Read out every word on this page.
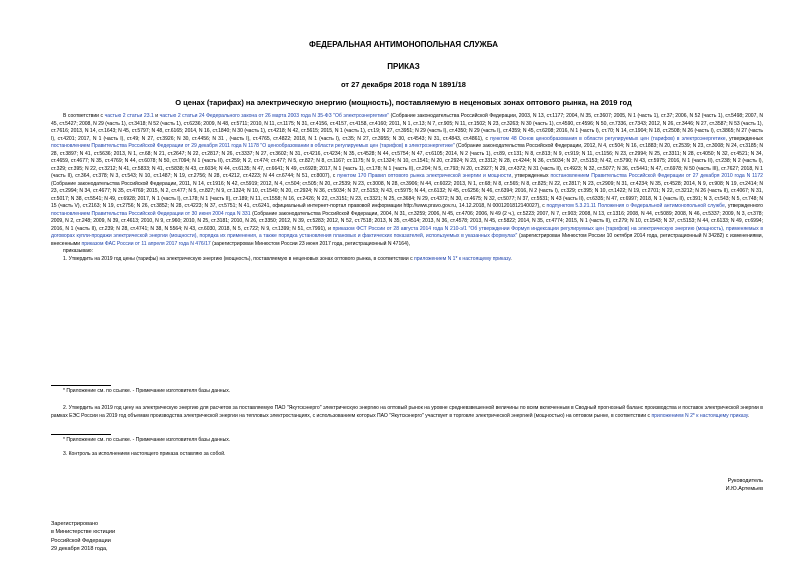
ФЕДЕРАЛЬНАЯ АНТИМОНОПОЛЬНАЯ СЛУЖБА
ПРИКАЗ
от 27 декабря 2018 года N 1891/18
О ценах (тарифах) на электрическую энергию (мощность), поставляемую в неценовых зонах оптового рынка, на 2019 год

В соответствии с частью 2 статьи 23.1 и частью 2 статьи 24 Федерального закона от 26 марта 2003 года N 35-ФЗ "Об электроэнергетике" (Собрание законодательства Российской Федерации, 2003, N 13, ст.1177; 2004, N 35, ст.3607; 2005, N 1 (часть 1), ст.37; 2006, N 52 (часть 1), ст.5498; 2007, N 45, ст.5427; 2008, N 29 (часть 1), ст.3418; N 52 (часть 1), ст.6236; 2009, N 48, ст.5711; 2010, N 11, ст.1175; N 31, ст.4156, ст.4157, ст.4158, ст.4160; 2011, N 1, ст.13; N 7, ст.905; N 11, ст.1502; N 23, ст.3263; N 30 (часть 1), ст.4590, ст.4596; N 50, ст.7336, ст.7343; 2012, N 26, ст.3446; N 27, ст.3587; N 53 (часть 1), ст.7616; 2013, N 14, ст.1643; N 45, ст.5797; N 48, ст.6165; 2014, N 16, ст.1840; N 30 (часть 1), ст.4218; N 42, ст.5615; 2015, N 1 (часть 1), ст.19; N 27, ст.3951; N 29 (часть I), ст.4350; N 29 (часть I), ст.4359; N 45, ст.6208; 2016, N 1 (часть I), ст.70; N 14, ст.1904; N 18, ст.2508; N 26 (часть I), ст.3865; N 27 (часть I), ст.4201; 2017, N 1 (часть I), ст.49; N 27, ст.3926; N 30, ст.4456; N 31 , (часть I), ст.4765, ст.4822; 2018, N 1 (часть I), ст.35; N 27, ст.3955; N 30, ст.4543; N 31, ст.4843, ст.4861), с пунктом 48 Основ ценообразования в области регулируемых цен (тарифов) в электроэнергетике, утвержденных постановлением Правительства Российской Федерации от 29 декабря 2011 года N 1178 "О ценообразовании в области регулируемых цен (тарифов) в электроэнергетике" (Собрание законодательства Российской Федерации, 2012, N 4, ст.504; N 16, ст.1883; N 20, ст.2539; N 23, ст.3008; N 24, ст.3185; N 28, ст.3897; N 41, ст.5636; 2013, N 1, ст.68; N 21, ст.2647; N 22, ст.2817; N 26, ст.3337; N 27, ст.3602; N 31, ст.4216, ст.4234; N 35, ст.4528; N 44, ст.5754; N 47, ст.6105; 2014, N 2 (часть 1), ст.89, ст.131; N 8, ст.813; N 9, ст.919; N 11, ст.1156; N 23, ст.2994; N 25, ст.3311; N 28, ст.4050; N 32, ст.4521; N 34, ст.4659, ст.4677; N 35, ст.4769; N 44, ст.6078; N 50, ст.7094; N 1 (часть II), ст.259; N 2, ст.474; ст.477; N 5, ст.827; N 8, ст.1167; ст.1175; N 9, ст.1324; N 10, ст.1541; N 20, ст.2924; N 23, ст.3312; N 28, ст.4244; N 36, ст.5034; N 37, ст.5153; N 42, ст.5790; N 43, ст.5975; 2016, N 1 (часть II), ст.238; N 2 (часть I), ст.329; ст.395; N 22, ст.3212; N 41, ст.5833; N 41, ст.5838; N 43, ст.6034; N 44, ст.6135; N 47, ст.6641; N 49, ст.6928; 2017, N 1 (часть 1), ст.178; N 1 (часть II), ст.204; N 5, ст.793; N 20, ст.2927; N 29, ст.4372; N 31 (часть II), ст.4923; N 32, ст.5077; N 36, ст.5441; N 47, ст.6978; N 50 (часть III), ст.7627; 2018, N 1 (часть II), ст.364, ст.378; N 3, ст.543; N 10, ст.1487; N 19, ст.2756; N 28, ст.4212, ст.4223; N 44 ст.6744; N 51, ст.8007), с пунктом 170 Правил оптового рынка электрической энергии и мощности, утвержденных постановлением Правительства Российской Федерации от 27 декабря 2010 года N 1172 (Собрание законодательства Российской Федерации, 2011, N 14, ст.1916; N 42, ст.5919; 2012, N 4, ст.504; ст.505; N 20, ст.2539; N 23, ст.3008, N 28, ст.3906; N 44, ст.6022; 2013, N 1, ст.68; N 8, ст.565; N 8, ст.825; N 22, ст.2817; N 23, ст.2909; N 31, ст.4234; N 35, ст.4528; 2014, N 9, ст.908; N 19, ст.2414; N 23, ст.2994; N 34, ст.4677; N 35, ст.4769; 2015, N 2, ст.477; N 5, ст.827; N 9, ст.1324; N 10, ст.1540; N 20, ст.2924; N 36, ст.5034; N 37, ст.5153; N 43, ст.5975; N 44, ст.6132; N 45, ст.6256; N 46, ст.6394; 2016, N 2 (часть I), ст.329; ст.395; N 10, ст.1422; N 19, ст.2701; N 22, ст.3212; N 26 (часть II), ст.4067; N 31, ст.5017; N 38, ст.5541; N 49, ст.6928; 2017, N 1 (часть I), ст.178; N 1 (часть II), ст.189; N 11, ст.1558; N 16, ст.2426; N 22, ст.3151; N 23, ст.3321; N 25, ст.3684; N 29, ст.4372; N 30, ст.4675; N 32, ст.5077; N 37, ст.5531; N 43 (часть II), ст.6335; N 47, ст.6997; 2018, N 1 (часть II), ст.391; N 3, ст.543; N 5, ст.748; N 15 (часть V), ст.2163; N 19, ст.2756; N 26, ст.3852; N 28, ст.4223; N 37, ст.5751; N 41, ст.6241, официальный интернет-портал правовой информации http://www.pravo.gov.ru, 14.12.2018, N 0001201812140027), с подпунктом 5.3.21.11 Положения о Федеральной антимонопольной службе, утвержденного постановлением Правительства Российской Федерации от 30 июня 2004 года N 331 (Собрание законодательства Российской Федерации, 2004, N 31, ст.3259; 2006, N 45, ст.4706; 2006, N 49 (2 ч.), ст.5223; 2007, N 7, ст.903; 2008, N 13, ст.1316; 2008, N 44, ст.5089; 2008, N 46, ст.5337; 2009, N 3, ст.378; 2009, N 2, ст.248; 2009, N 39, ст.4613; 2010, N 9, ст.960; 2010, N 25, ст.3181; 2010, N 26, ст.3350; 2012, N 39, ст.5283; 2012, N 52, ст.7518; 2013, N 35, ст.4514; 2013, N 36, ст.4578; 2013, N 45, ст.5822; 2014, N 35, ст.4774; 2015, N 1 (часть II), ст.279; N 10, ст.1543; N 37, ст.5153; N 44, ст.6133; N 49, ст.6994; 2016, N 1 (часть II), ст.239; N 28, ст.4741; N 38, N 5564; N 43, ст.6030, 2018, N 5, ст.722; N 9, ст.1399; N 51, ст.7991), и приказом ФСТ России от 28 августа 2014 года N 210-э/1 "Об утверждении Формул индексации регулируемых цен (тарифов) на электрическую энергию (мощность), применяемых в договорах купли-продажи электрической энергии (мощности), порядка их применения, а также порядка установления плановых и фактических показателей, используемых в указанных формулах" (зарегистрирован Минюстом России 10 октября 2014 года, регистрационный N 34282) с изменениями, внесенными приказом ФАС России от 11 апреля 2017 года N 476/17 (зарегистрирован Минюстом России 23 июня 2017 года, регистрационный N 47164),

приказываю:

1. Утвердить на 2019 год цены (тарифы) на электрическую энергию (мощность), поставляемую в неценовых зонах оптового рынка, в соответствии с приложением N 1* к настоящему приказу.

* Приложение см. по ссылке. - Примечание изготовителя базы данных.

2. Утвердить на 2019 год цену на электрическую энергию для расчетов за поставляемую ПАО "Якутскэнерго" электрическую энергию на оптовый рынок на уровне средневзвешенной величины по всем включенным в Сводный прогнозный баланс производства и поставок электрической энергии в рамках ЕЭС России на 2019 год объемам производства электрической энергии на тепловых электростанциях, с использованием которых ПАО "Якутскэнерго" участвует в торговле электрической энергией (мощностью) на оптовом рынке, в соответствии с приложением N 2* к настоящему приказу.

* Приложение см. по ссылке. - Примечание изготовителя базы данных.

3. Контроль за исполнением настоящего приказа оставляю за собой.

Руководитель
И.Ю.Артемьев
Зарегистрировано
в Министерстве юстиции
Российской Федерации
29 декабря 2018 года,
